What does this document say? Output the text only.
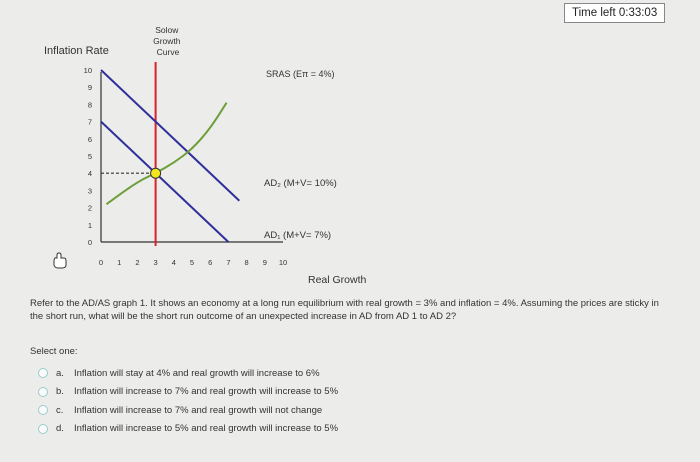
Time left 0:33:03
Inflation Rate
Real Growth
10
9
8
7
6
5
4
3
2
1
0
0 1 2 3 4 5 6 7 8 9 10
Solow Growth Curve
SRAS (Eπ = 4%)
AD₂ (M+V= 10%)
AD₁ (M+V= 7%)
Refer to the AD/AS graph 1. It shows an economy at a long run equilibrium with real growth = 3% and inflation = 4%. Assuming the prices are sticky in the short run, what will be the short run outcome of an unexpected increase in AD from AD 1 to AD 2?
Select one:
a.	Inflation will stay at 4% and real growth will increase to 6%
b.	Inflation will increase to 7% and real growth will increase to 5%
c.	Inflation will increase to 7% and real growth will not change
d.	Inflation will increase to 5% and real growth will increase to 5%
